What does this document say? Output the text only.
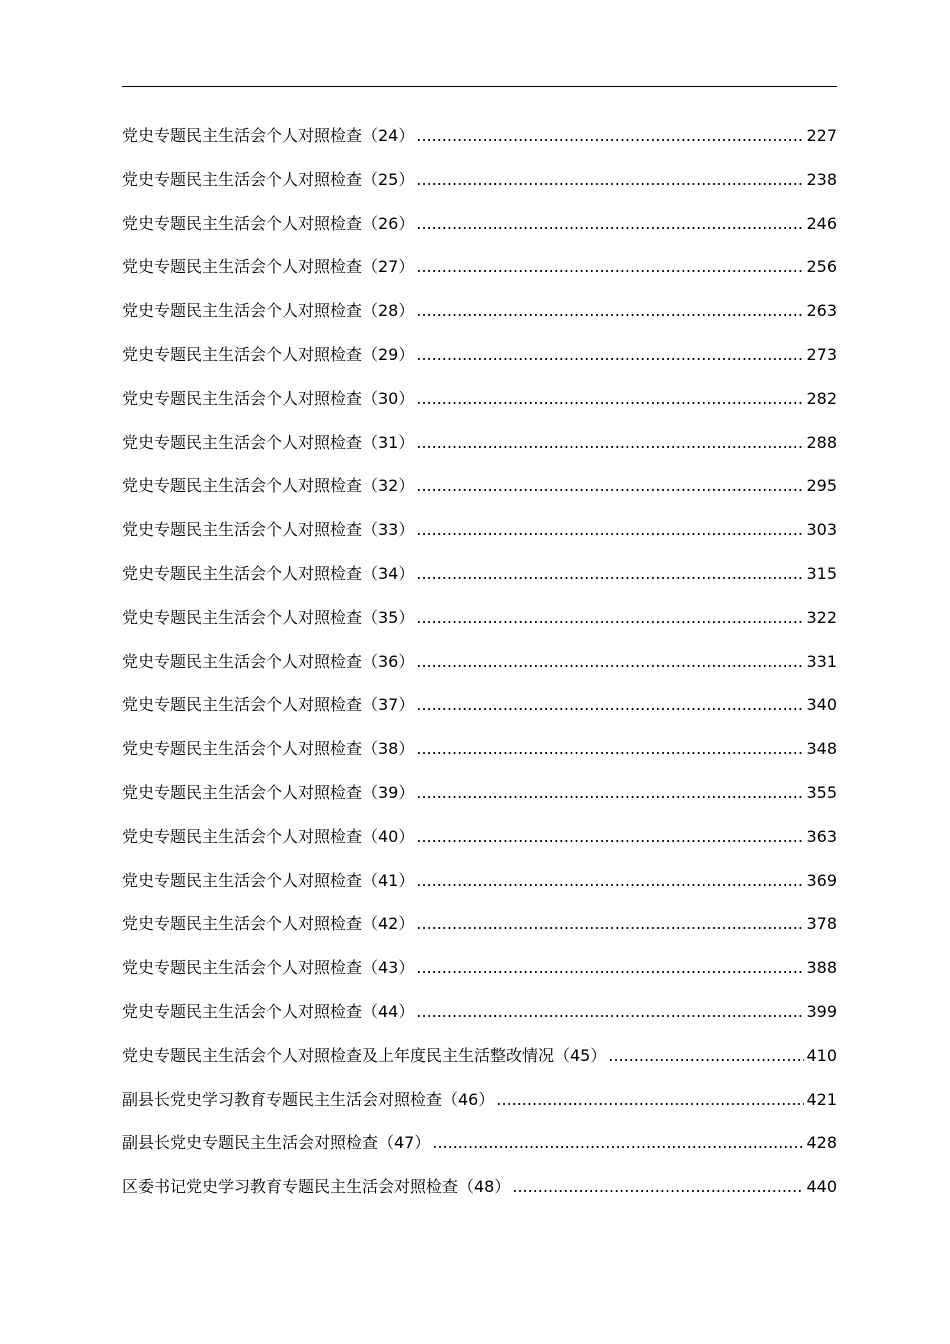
党史专题民主生活会个人对照检查（24） .....	227
党史专题民主生活会个人对照检查（25） .....	238
党史专题民主生活会个人对照检查（26） .....	246
党史专题民主生活会个人对照检查（27） .....	256
党史专题民主生活会个人对照检查（28） .....	263
党史专题民主生活会个人对照检查（29） .....	273
党史专题民主生活会个人对照检查（30） .....	282
党史专题民主生活会个人对照检查（31） .....	288
党史专题民主生活会个人对照检查（32） .....	295
党史专题民主生活会个人对照检查（33） .....	303
党史专题民主生活会个人对照检查（34） .....	315
党史专题民主生活会个人对照检查（35） .....	322
党史专题民主生活会个人对照检查（36） .....	331
党史专题民主生活会个人对照检查（37） .....	340
党史专题民主生活会个人对照检查（38） .....	348
党史专题民主生活会个人对照检查（39） .....	355
党史专题民主生活会个人对照检查（40） .....	363
党史专题民主生活会个人对照检查（41） .....	369
党史专题民主生活会个人对照检查（42） .....	378
党史专题民主生活会个人对照检查（43） .....	388
党史专题民主生活会个人对照检查（44） .....	399
党史专题民主生活会个人对照检查及上年度民主生活整改情况（45） .....	410
副县长党史学习教育专题民主生活会对照检查（46） .....	421
副县长党史专题民主生活会对照检查（47） .....	428
区委书记党史学习教育专题民主生活会对照检查（48） .....	440
